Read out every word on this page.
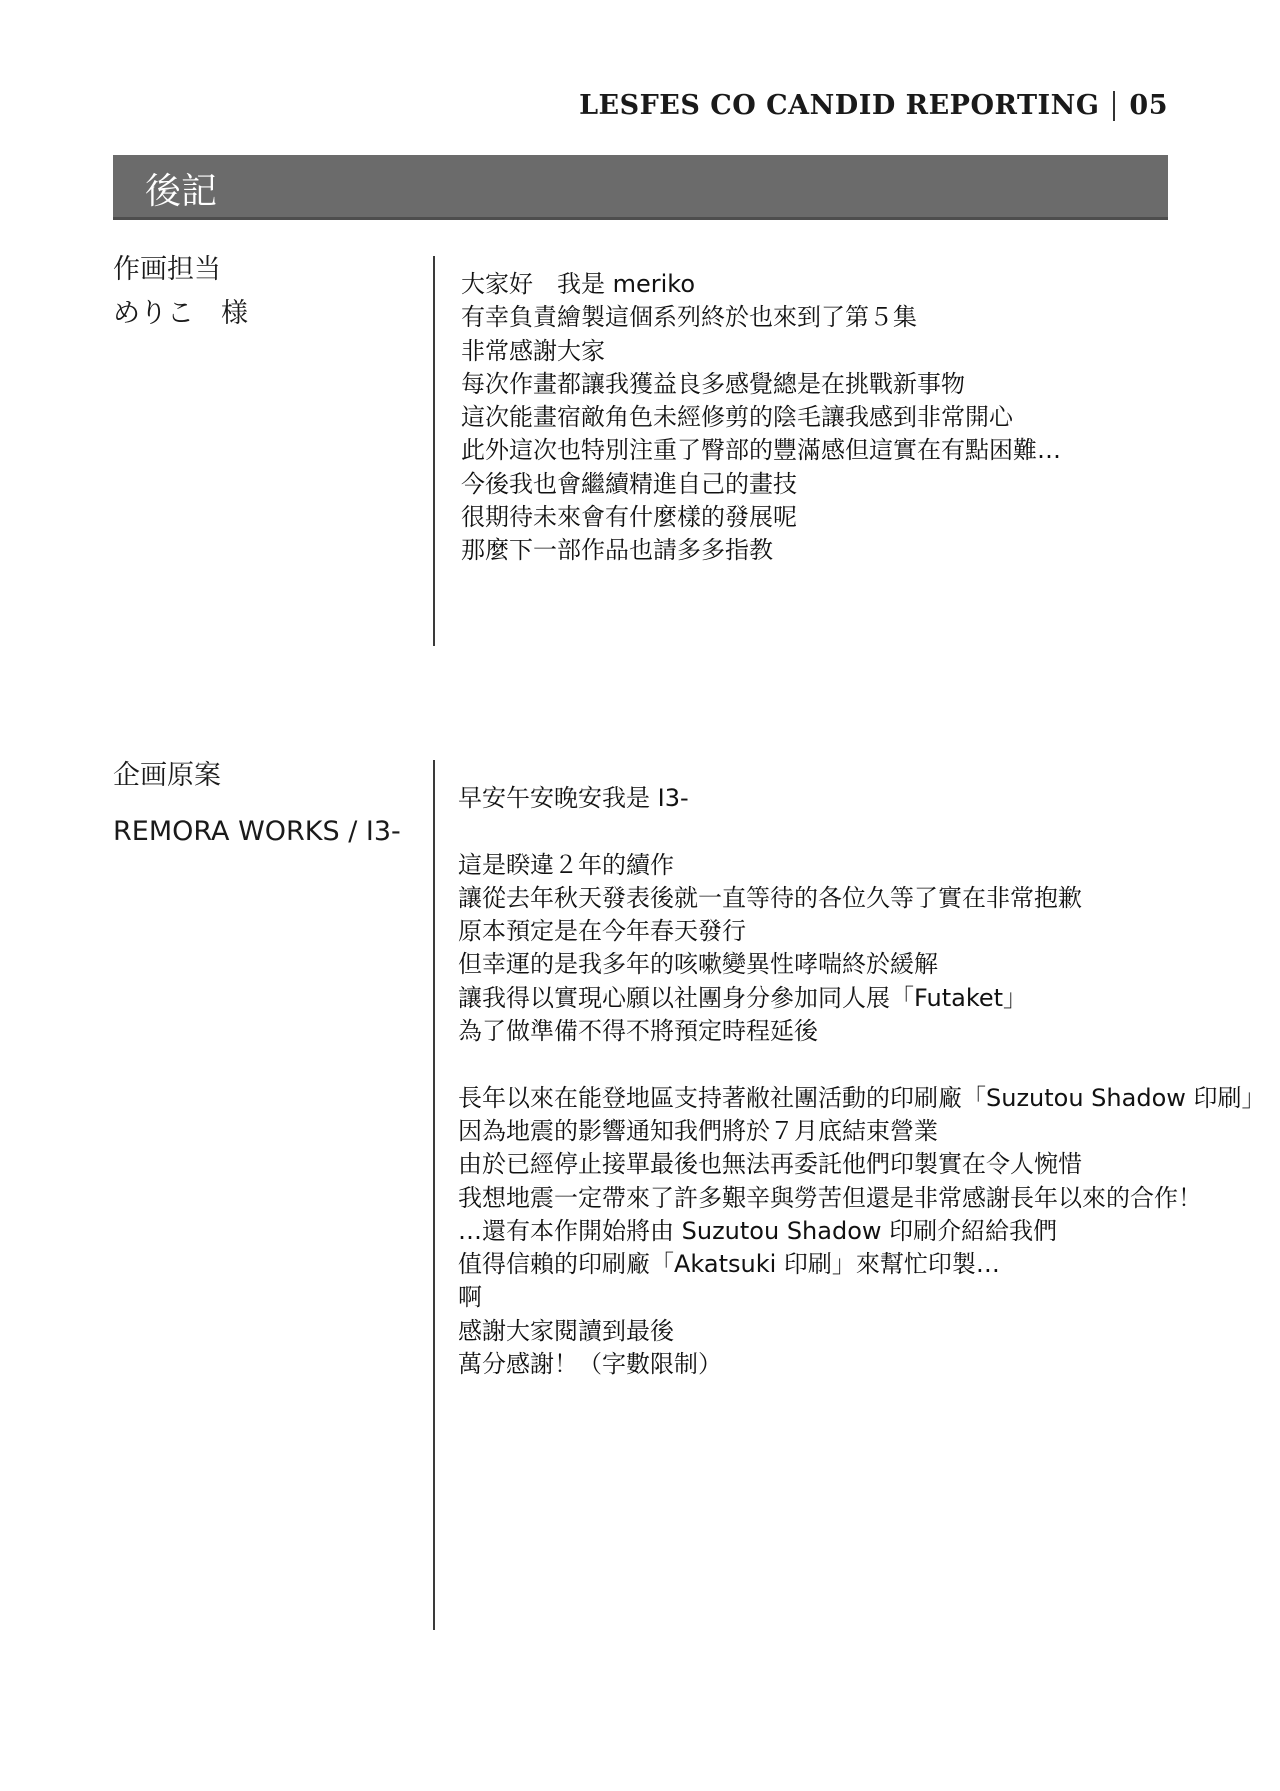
LESFES CO CANDID REPORTING 05
後記
作画担当
めりこ　様
大家好　我是 meriko
有幸負責繪製這個系列終於也來到了第５集
非常感謝大家
每次作畫都讓我獲益良多感覺總是在挑戰新事物
這次能畫宿敵角色未經修剪的陰毛讓我感到非常開心
此外這次也特別注重了臀部的豐滿感但這實在有點困難…
今後我也會繼續精進自己的畫技
很期待未來會有什麼樣的發展呢
那麼下一部作品也請多多指教
企画原案
REMORA WORKS / I3-
早安午安晚安我是 I3-
這是睽違２年的續作
讓從去年秋天發表後就一直等待的各位久等了實在非常抱歉
原本預定是在今年春天發行
但幸運的是我多年的咳嗽變異性哮喘終於緩解
讓我得以實現心願以社團身分參加同人展「Futaket」
為了做準備不得不將預定時程延後
長年以來在能登地區支持著敝社團活動的印刷廠「Suzutou Shadow 印刷」
因為地震的影響通知我們將於７月底結束營業
由於已經停止接單最後也無法再委託他們印製實在令人惋惜
我想地震一定帶來了許多艱辛與勞苦但還是非常感謝長年以來的合作！
…還有本作開始將由 Suzutou Shadow 印刷介紹給我們
值得信賴的印刷廠「Akatsuki 印刷」來幫忙印製…
啊
感謝大家閱讀到最後
萬分感謝！（字數限制）
